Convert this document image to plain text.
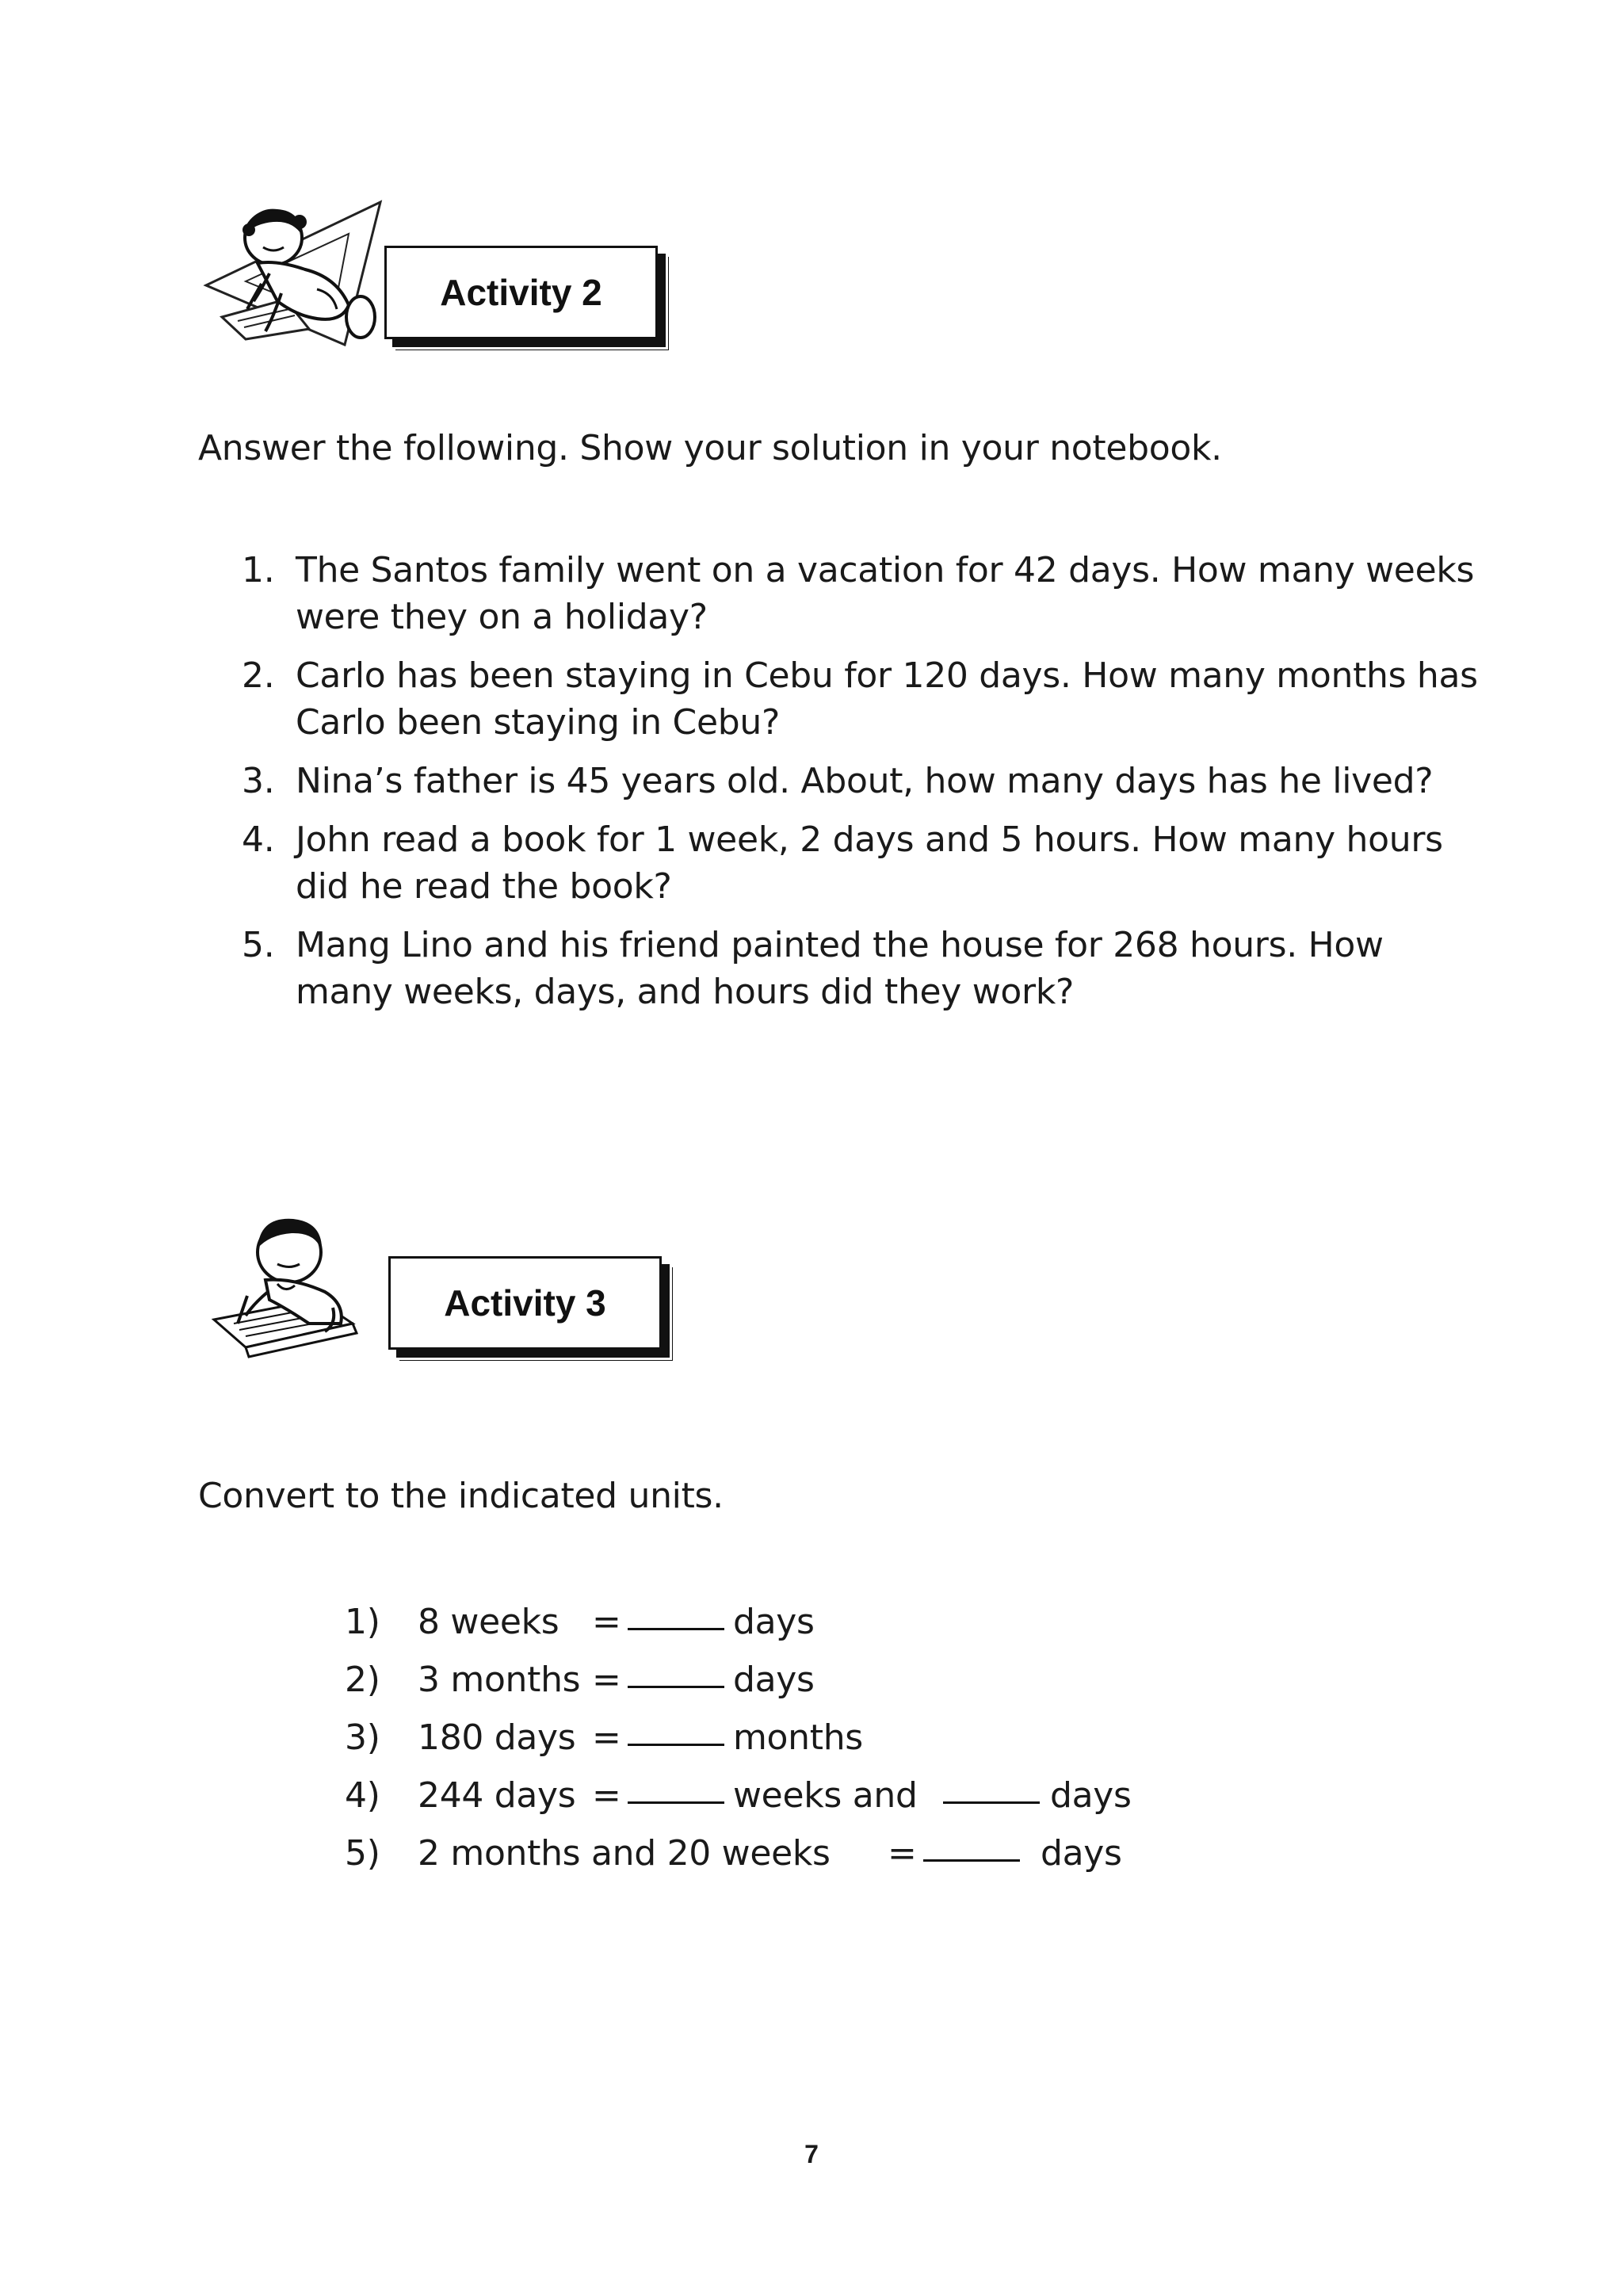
Activity 2
Answer the following. Show your solution in your notebook.
1. The Santos family went on a vacation for 42 days. How many weeks were they on a holiday?
2. Carlo has been staying in Cebu for 120 days. How many months has Carlo been staying in Cebu?
3. Nina’s father is 45 years old. About, how many days has he lived?
4. John read a book for 1 week, 2 days and 5 hours. How many hours did he read the book?
5. Mang Lino and his friend painted the house for 268 hours. How many weeks, days, and hours did they work?
Activity 3
Convert to the indicated units.
1) 8 weeks =	days
2) 3 months =	days
3) 180 days =	months
4) 244 days =	weeks and	days
5) 2 months and 20 weeks =	days
7
